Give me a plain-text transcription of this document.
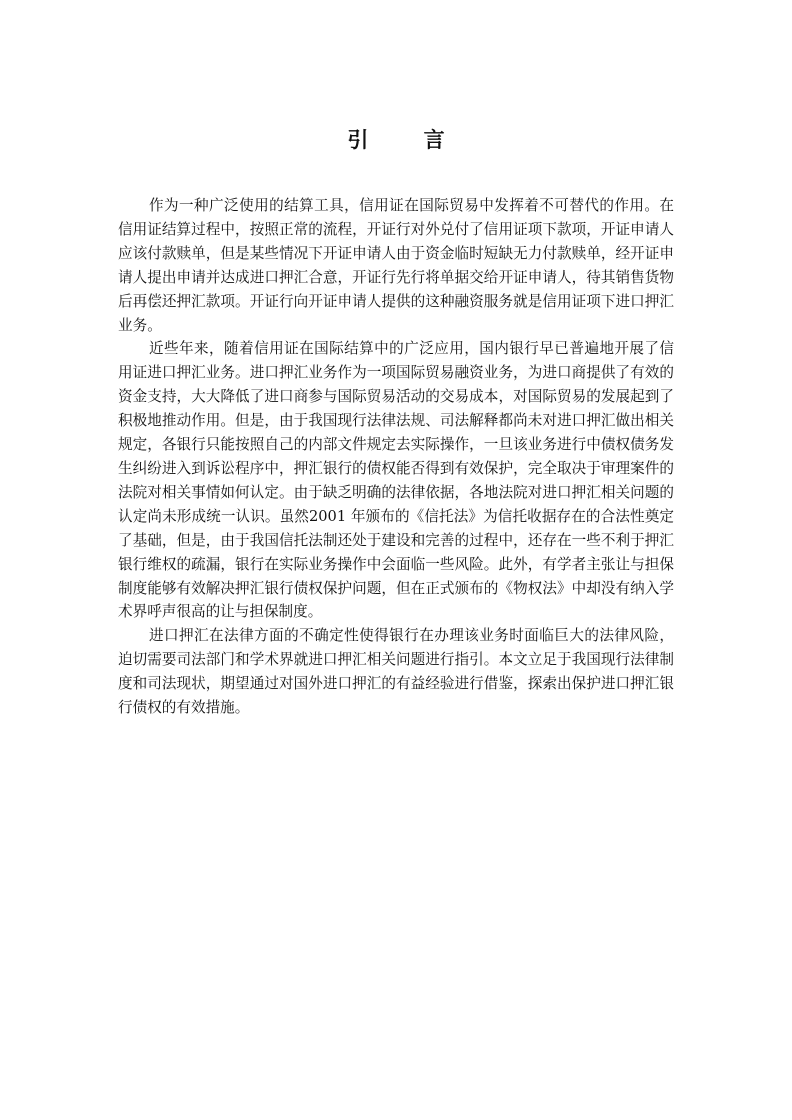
引 言

作为一种广泛使用的结算工具，信用证在国际贸易中发挥着不可替代的作用。在信用证结算过程中，按照正常的流程，开证行对外兑付了信用证项下款项，开证申请人应该付款赎单，但是某些情况下开证申请人由于资金临时短缺无力付款赎单，经开证申请人提出申请并达成进口押汇合意，开证行先行将单据交给开证申请人，待其销售货物后再偿还押汇款项。开证行向开证申请人提供的这种融资服务就是信用证项下进口押汇业务。

近些年来，随着信用证在国际结算中的广泛应用，国内银行早已普遍地开展了信用证进口押汇业务。进口押汇业务作为一项国际贸易融资业务，为进口商提供了有效的资金支持，大大降低了进口商参与国际贸易活动的交易成本，对国际贸易的发展起到了积极地推动作用。但是，由于我国现行法律法规、司法解释都尚未对进口押汇做出相关规定，各银行只能按照自己的内部文件规定去实际操作，一旦该业务进行中债权债务发生纠纷进入到诉讼程序中，押汇银行的债权能否得到有效保护，完全取决于审理案件的法院对相关事情如何认定。由于缺乏明确的法律依据，各地法院对进口押汇相关问题的认定尚未形成统一认识。虽然2001 年颁布的《信托法》为信托收据存在的合法性奠定了基础，但是，由于我国信托法制还处于建设和完善的过程中，还存在一些不利于押汇银行维权的疏漏，银行在实际业务操作中会面临一些风险。此外，有学者主张让与担保制度能够有效解决押汇银行债权保护问题，但在正式颁布的《物权法》中却没有纳入学术界呼声很高的让与担保制度。

进口押汇在法律方面的不确定性使得银行在办理该业务时面临巨大的法律风险，迫切需要司法部门和学术界就进口押汇相关问题进行指引。本文立足于我国现行法律制度和司法现状，期望通过对国外进口押汇的有益经验进行借鉴，探索出保护进口押汇银行债权的有效措施。
